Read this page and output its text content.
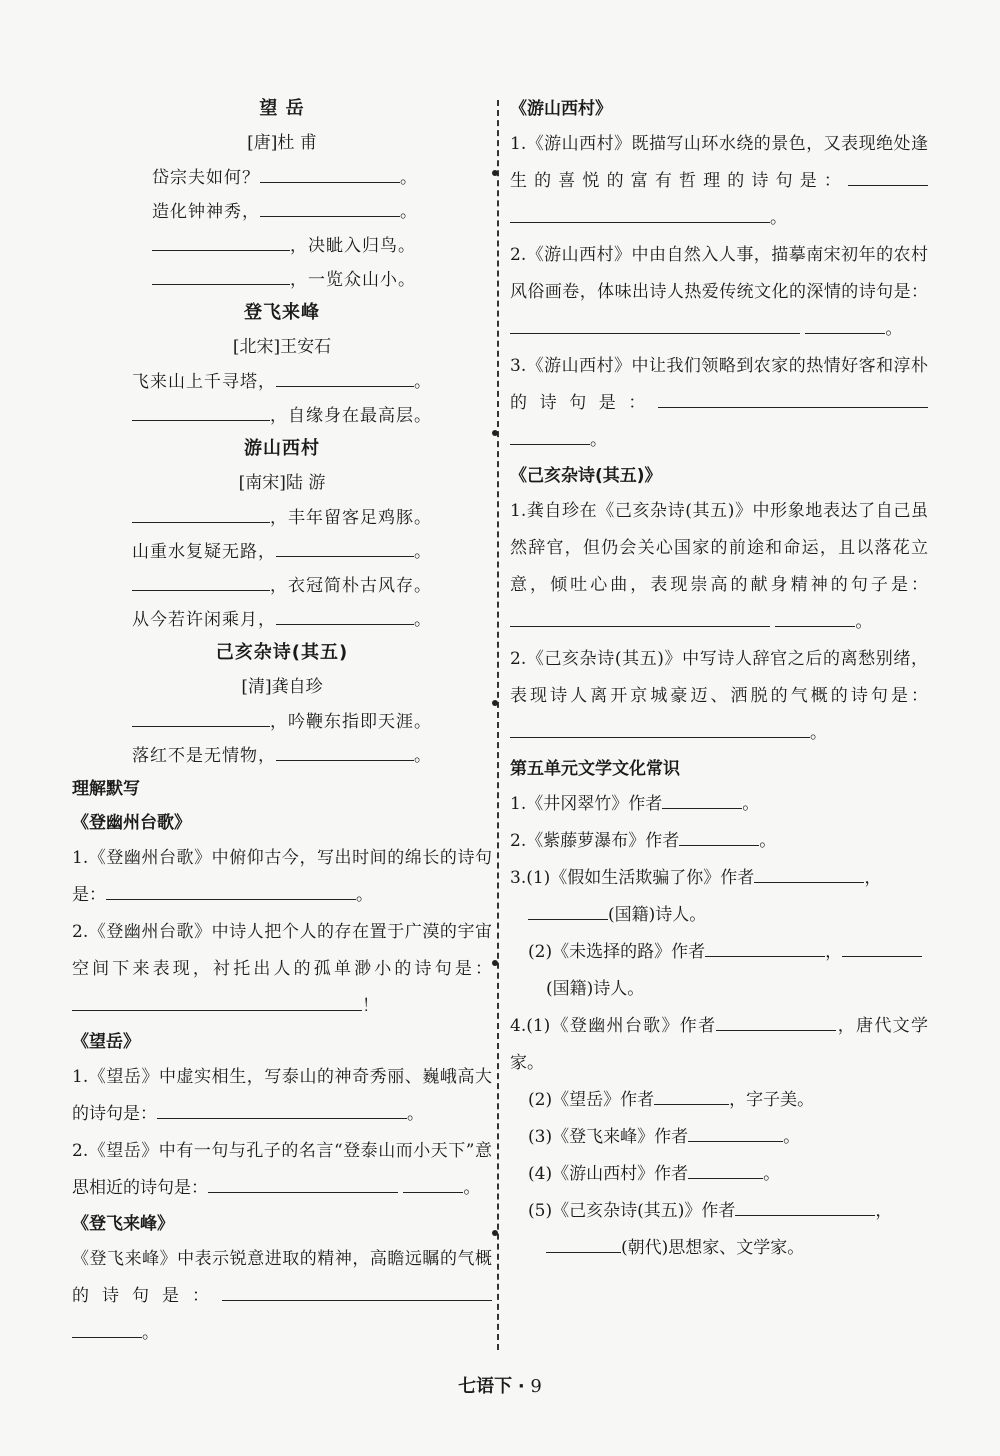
望 岳
[唐]杜 甫
岱宗夫如何？	。
造化钟神秀，	。
，决眦入归鸟。
，一览众山小。
登飞来峰
[北宋]王安石
飞来山上千寻塔，	。
，自缘身在最高层。
游山西村
[南宋]陆 游
，丰年留客足鸡豚。
山重水复疑无路，	。
，衣冠简朴古风存。
从今若许闲乘月，	。
己亥杂诗(其五)
[清]龚自珍
，吟鞭东指即天涯。
落红不是无情物，	。
理解默写
《登幽州台歌》
1.《登幽州台歌》中俯仰古今，写出时间的绵长的诗句是：	。
2.《登幽州台歌》中诗人把个人的存在置于广漠的宇宙空间下来表现，衬托出人的孤单渺小的诗句是：！
《望岳》
1.《望岳》中虚实相生，写泰山的神奇秀丽、巍峨高大的诗句是：	。
2.《望岳》中有一句与孔子的名言“登泰山而小天下”意思相近的诗句是：	。
《登飞来峰》
《登飞来峰》中表示锐意进取的精神，高瞻远瞩的气概的诗句是： 。
《游山西村》
1.《游山西村》既描写山环水绕的景色，又表现绝处逢生的喜悦的富有哲理的诗句是： 。
2.《游山西村》中由自然入人事，描摹南宋初年的农村风俗画卷，体味出诗人热爱传统文化的深情的诗句是： 。
3.《游山西村》中让我们领略到农家的热情好客和淳朴的诗句是： 。
《己亥杂诗(其五)》
1.龚自珍在《己亥杂诗(其五)》中形象地表达了自己虽然辞官，但仍会关心国家的前途和命运，且以落花立意，倾吐心曲，表现崇高的献身精神的句子是： 。
2.《己亥杂诗(其五)》中写诗人辞官之后的离愁别绪，表现诗人离开京城豪迈、洒脱的气概的诗句是：。
第五单元文学文化常识
1.《井冈翠竹》作者	。
2.《紫藤萝瀑布》作者	。
3.(1)《假如生活欺骗了你》作者	，
(国籍)诗人。
(2)《未选择的路》作者	，
(国籍)诗人。
4.(1)《登幽州台歌》作者	，唐代文学家。
(2)《望岳》作者	，字子美。
(3)《登飞来峰》作者	。
(4)《游山西村》作者	。
(5)《己亥杂诗(其五)》作者	，
(朝代)思想家、文学家。
七语下 · 9
